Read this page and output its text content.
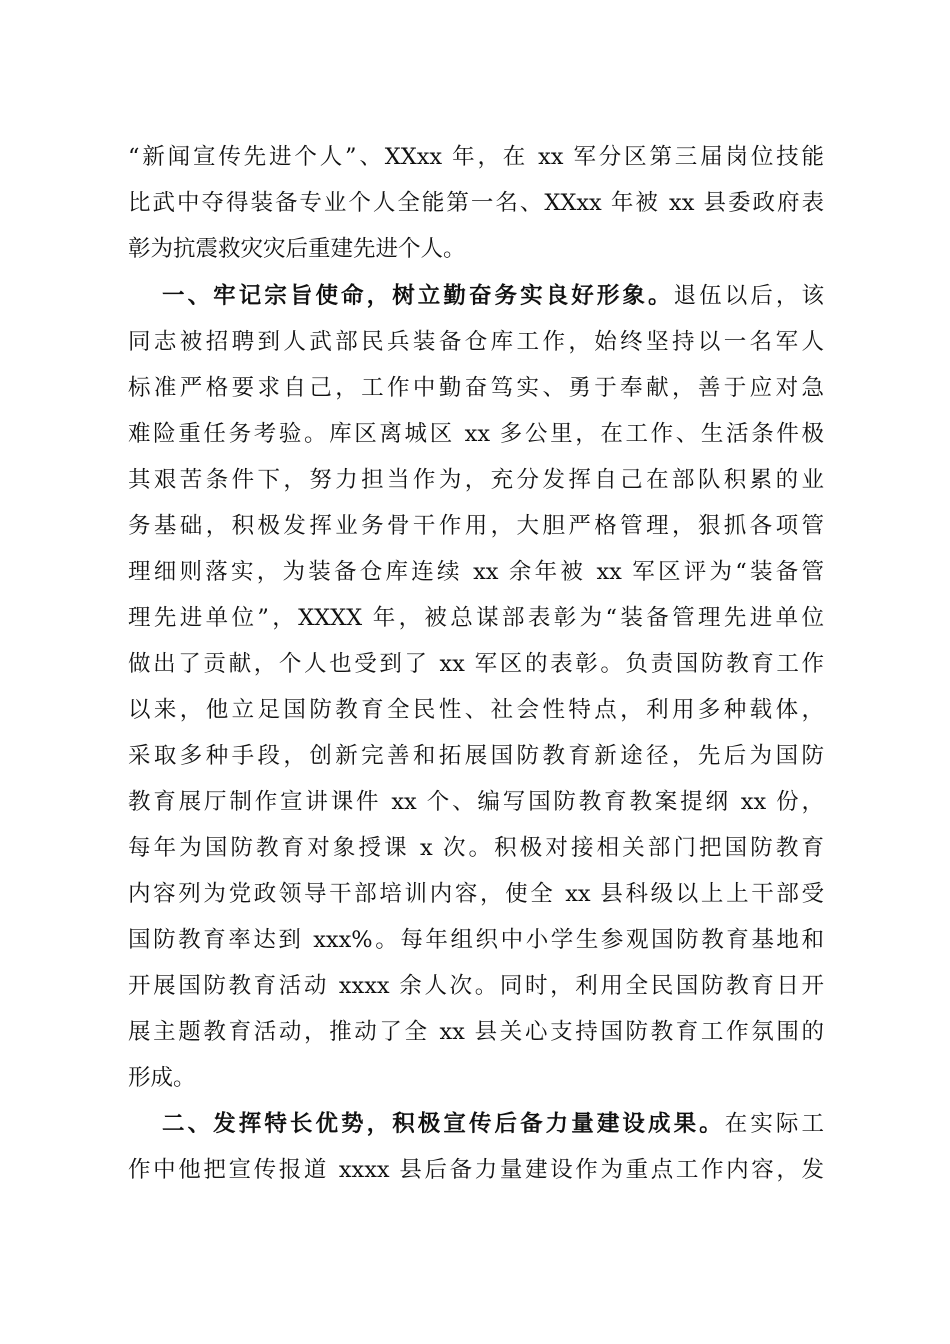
“新闻宣传先进个人”、XXxx 年，在 xx 军分区第三届岗位技能
比武中夺得装备专业个人全能第一名、XXxx 年被 xx 县委政府表
彰为抗震救灾灾后重建先进个人。
一、牢记宗旨使命，树立勤奋务实良好形象。退伍以后，该
同志被招聘到人武部民兵装备仓库工作，始终坚持以一名军人
标准严格要求自己，工作中勤奋笃实、勇于奉献，善于应对急
难险重任务考验。库区离城区 xx 多公里，在工作、生活条件极
其艰苦条件下，努力担当作为，充分发挥自己在部队积累的业
务基础，积极发挥业务骨干作用，大胆严格管理，狠抓各项管
理细则落实，为装备仓库连续 xx 余年被 xx 军区评为“装备管
理先进单位”，XXXX 年，被总谋部表彰为“装备管理先进单位
做出了贡献，个人也受到了 xx 军区的表彰。负责国防教育工作
以来，他立足国防教育全民性、社会性特点，利用多种载体，
采取多种手段，创新完善和拓展国防教育新途径，先后为国防
教育展厅制作宣讲课件 xx 个、编写国防教育教案提纲 xx 份，
每年为国防教育对象授课 x 次。积极对接相关部门把国防教育
内容列为党政领导干部培训内容，使全 xx 县科级以上上干部受
国防教育率达到 xxx%。每年组织中小学生参观国防教育基地和
开展国防教育活动 xxxx 余人次。同时，利用全民国防教育日开
展主题教育活动，推动了全 xx 县关心支持国防教育工作氛围的
形成。
二、发挥特长优势，积极宣传后备力量建设成果。在实际工
作中他把宣传报道 xxxx 县后备力量建设作为重点工作内容，发
